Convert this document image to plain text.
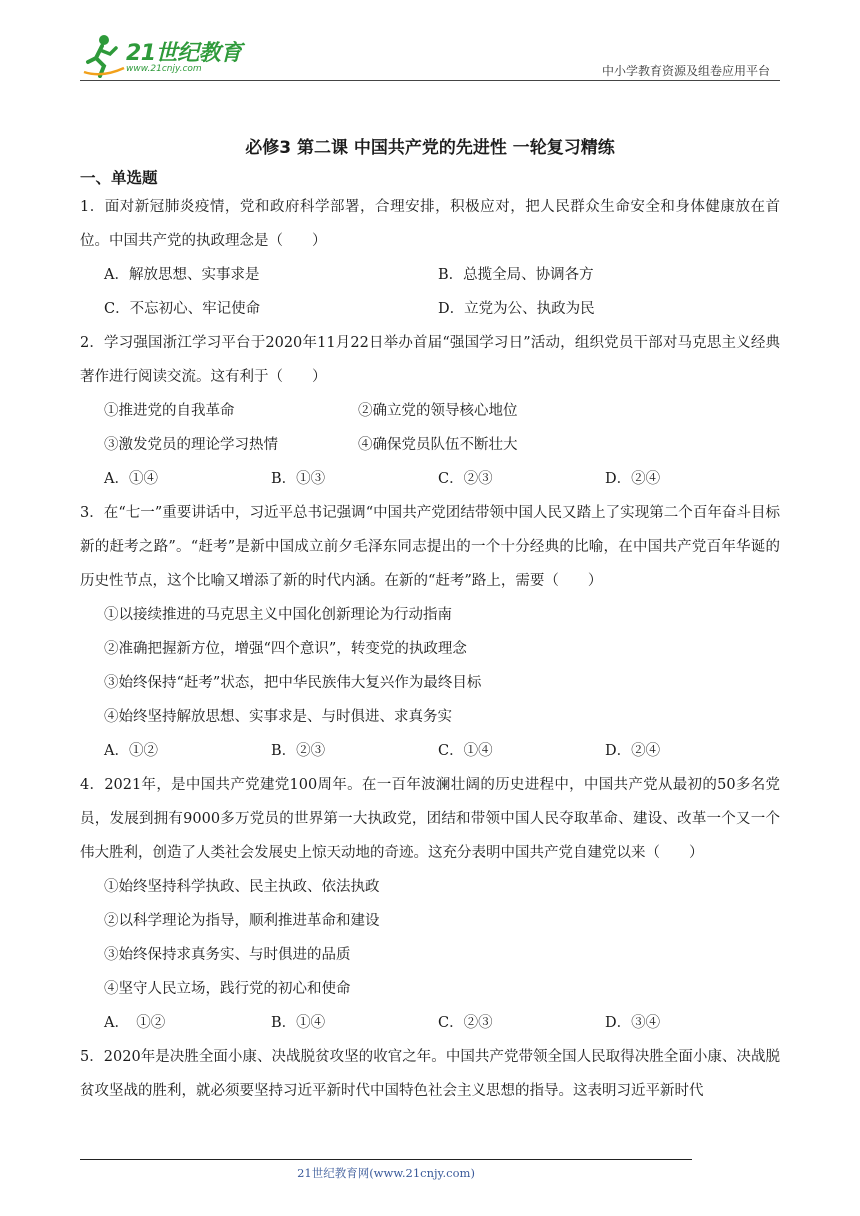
21世纪教育
www.21cnjy.com	中小学教育资源及组卷应用平台
必修3 第二课 中国共产党的先进性 一轮复习精练
一、单选题

1．面对新冠肺炎疫情，党和政府科学部署，合理安排，积极应对，把人民群众生命安全和身体健康放在首位。中国共产党的执政理念是（　　）

A．解放思想、实事求是	B．总揽全局、协调各方
C．不忘初心、牢记使命	D．立党为公、执政为民

2．学习强国浙江学习平台于2020年11月22日举办首届“强国学习日”活动，组织党员干部对马克思主义经典著作进行阅读交流。这有利于（　　）

①推进党的自我革命	②确立党的领导核心地位
③激发党员的理论学习热情	④确保党员队伍不断壮大
A．①④	B．①③	C．②③	D．②④

3．在“七一”重要讲话中，习近平总书记强调“中国共产党团结带领中国人民又踏上了实现第二个百年奋斗目标新的赶考之路”。“赶考”是新中国成立前夕毛泽东同志提出的一个十分经典的比喻，在中国共产党百年华诞的历史性节点，这个比喻又增添了新的时代内涵。在新的“赶考”路上，需要（　　）

①以接续推进的马克思主义中国化创新理论为行动指南
②准确把握新方位，增强“四个意识”，转变党的执政理念
③始终保持“赶考”状态，把中华民族伟大复兴作为最终目标
④始终坚持解放思想、实事求是、与时俱进、求真务实
A．①②	B．②③	C．①④	D．②④

4．2021年，是中国共产党建党100周年。在一百年波澜壮阔的历史进程中，中国共产党从最初的50多名党员，发展到拥有9000多万党员的世界第一大执政党，团结和带领中国人民夺取革命、建设、改革一个又一个伟大胜利，创造了人类社会发展史上惊天动地的奇迹。这充分表明中国共产党自建党以来（　　）

①始终坚持科学执政、民主执政、依法执政
②以科学理论为指导，顺利推进革命和建设
③始终保持求真务实、与时俱进的品质
④坚守人民立场，践行党的初心和使命
A．　①②	B．①④	C．②③	D．③④

5．2020年是决胜全面小康、决战脱贫攻坚的收官之年。中国共产党带领全国人民取得决胜全面小康、决战脱贫攻坚战的胜利，就必须要坚持习近平新时代中国特色社会主义思想的指导。这表明习近平新时代

21世纪教育网(www.21cnjy.com)
